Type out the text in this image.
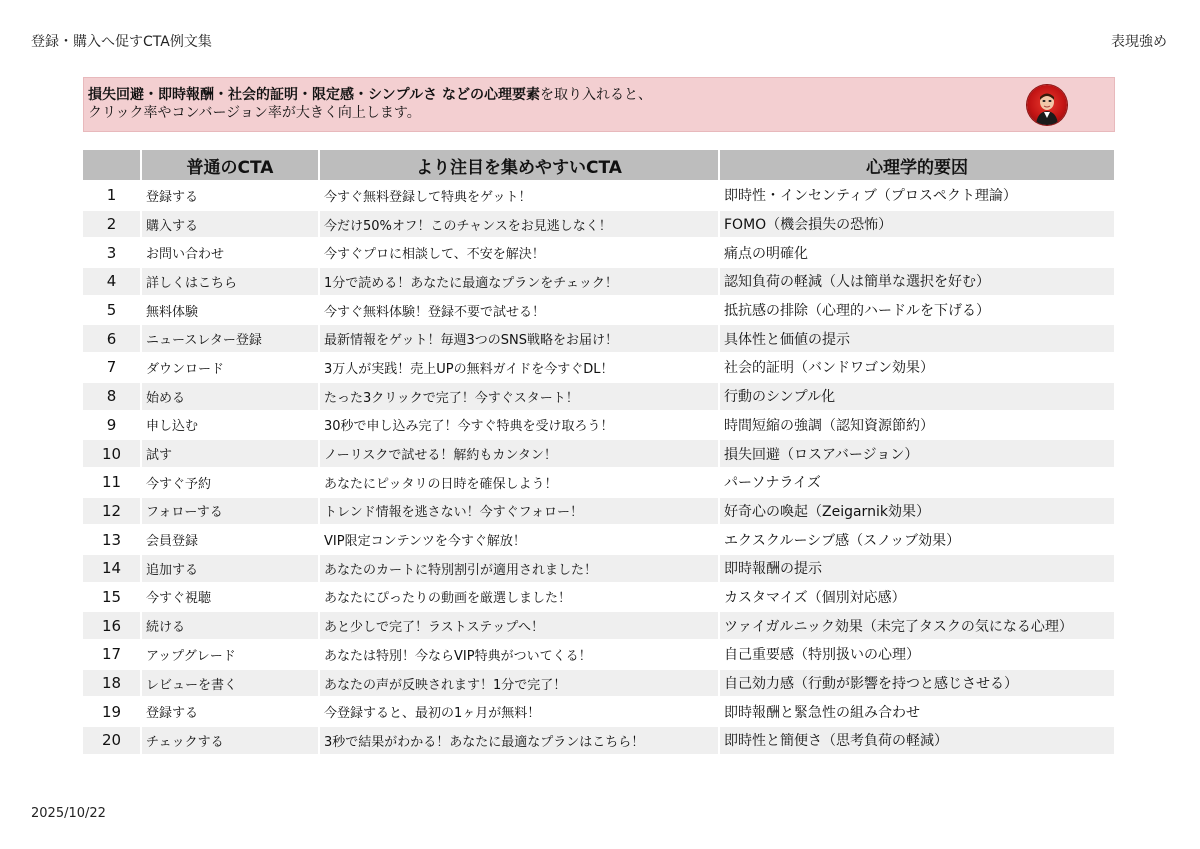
登録・購入へ促すCTA例文集	表現強め
損失回避・即時報酬・社会的証明・限定感・シンプルさ などの心理要素を取り入れると、
クリック率やコンバージョン率が大きく向上します。
	普通のCTA	より注目を集めやすいCTA	心理学的要因
1	登録する	今すぐ無料登録して特典をゲット！	即時性・インセンティブ（プロスペクト理論）
2	購入する	今だけ50%オフ！このチャンスをお見逃しなく！	FOMO（機会損失の恐怖）
3	お問い合わせ	今すぐプロに相談して、不安を解決！	痛点の明確化
4	詳しくはこちら	1分で読める！あなたに最適なプランをチェック！	認知負荷の軽減（人は簡単な選択を好む）
5	無料体験	今すぐ無料体験！登録不要で試せる！	抵抗感の排除（心理的ハードルを下げる）
6	ニュースレター登録	最新情報をゲット！毎週3つのSNS戦略をお届け！	具体性と価値の提示
7	ダウンロード	3万人が実践！売上UPの無料ガイドを今すぐDL！	社会的証明（バンドワゴン効果）
8	始める	たった3クリックで完了！今すぐスタート！	行動のシンプル化
9	申し込む	30秒で申し込み完了！今すぐ特典を受け取ろう！	時間短縮の強調（認知資源節約）
10	試す	ノーリスクで試せる！解約もカンタン！	損失回避（ロスアバージョン）
11	今すぐ予約	あなたにピッタリの日時を確保しよう！	パーソナライズ
12	フォローする	トレンド情報を逃さない！今すぐフォロー！	好奇心の喚起（Zeigarnik効果）
13	会員登録	VIP限定コンテンツを今すぐ解放！	エクスクルーシブ感（スノッブ効果）
14	追加する	あなたのカートに特別割引が適用されました！	即時報酬の提示
15	今すぐ視聴	あなたにぴったりの動画を厳選しました！	カスタマイズ（個別対応感）
16	続ける	あと少しで完了！ラストステップへ！	ツァイガルニック効果（未完了タスクの気になる心理）
17	アップグレード	あなたは特別！今ならVIP特典がついてくる！	自己重要感（特別扱いの心理）
18	レビューを書く	あなたの声が反映されます！1分で完了！	自己効力感（行動が影響を持つと感じさせる）
19	登録する	今登録すると、最初の1ヶ月が無料！	即時報酬と緊急性の組み合わせ
20	チェックする	3秒で結果がわかる！あなたに最適なプランはこちら！	即時性と簡便さ（思考負荷の軽減）
2025/10/22
